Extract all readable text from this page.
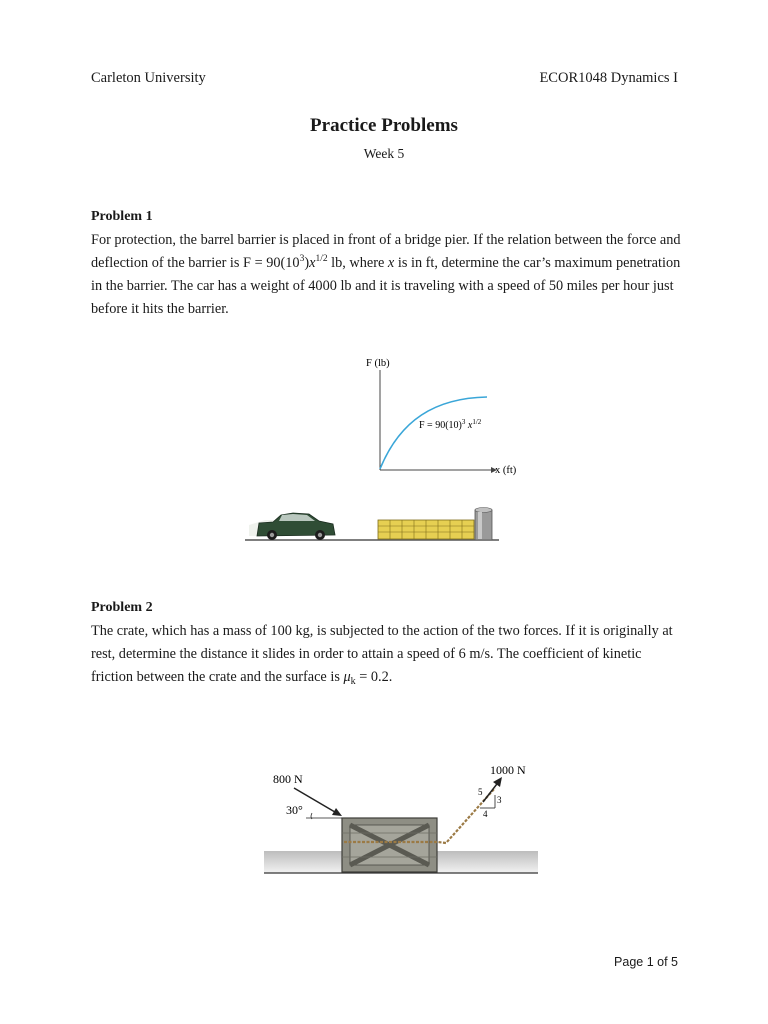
Carleton University	ECOR1048 Dynamics I
Practice Problems
Week 5
Problem 1
For protection, the barrel barrier is placed in front of a bridge pier. If the relation between the force and deflection of the barrier is $F = 90(10^3)x^{1/2}$ lb, where x is in ft, determine the car’s maximum penetration in the barrier. The car has a weight of 4000 lb and it is traveling with a speed of 50 miles per hour just before it hits the barrier.
F (lb)
x (ft)
$F = 90(10)^3$ $x^{1/2}$
Problem 2
The crate, which has a mass of 100 kg, is subjected to the action of the two forces. If it is originally at rest, determine the distance it slides in order to attain a speed of 6 m/s. The coefficient of kinetic friction between the crate and the surface is $\mu_k = 0.2$.
800 N
30°
1000 N
5
3
4
Page 1 of 5
